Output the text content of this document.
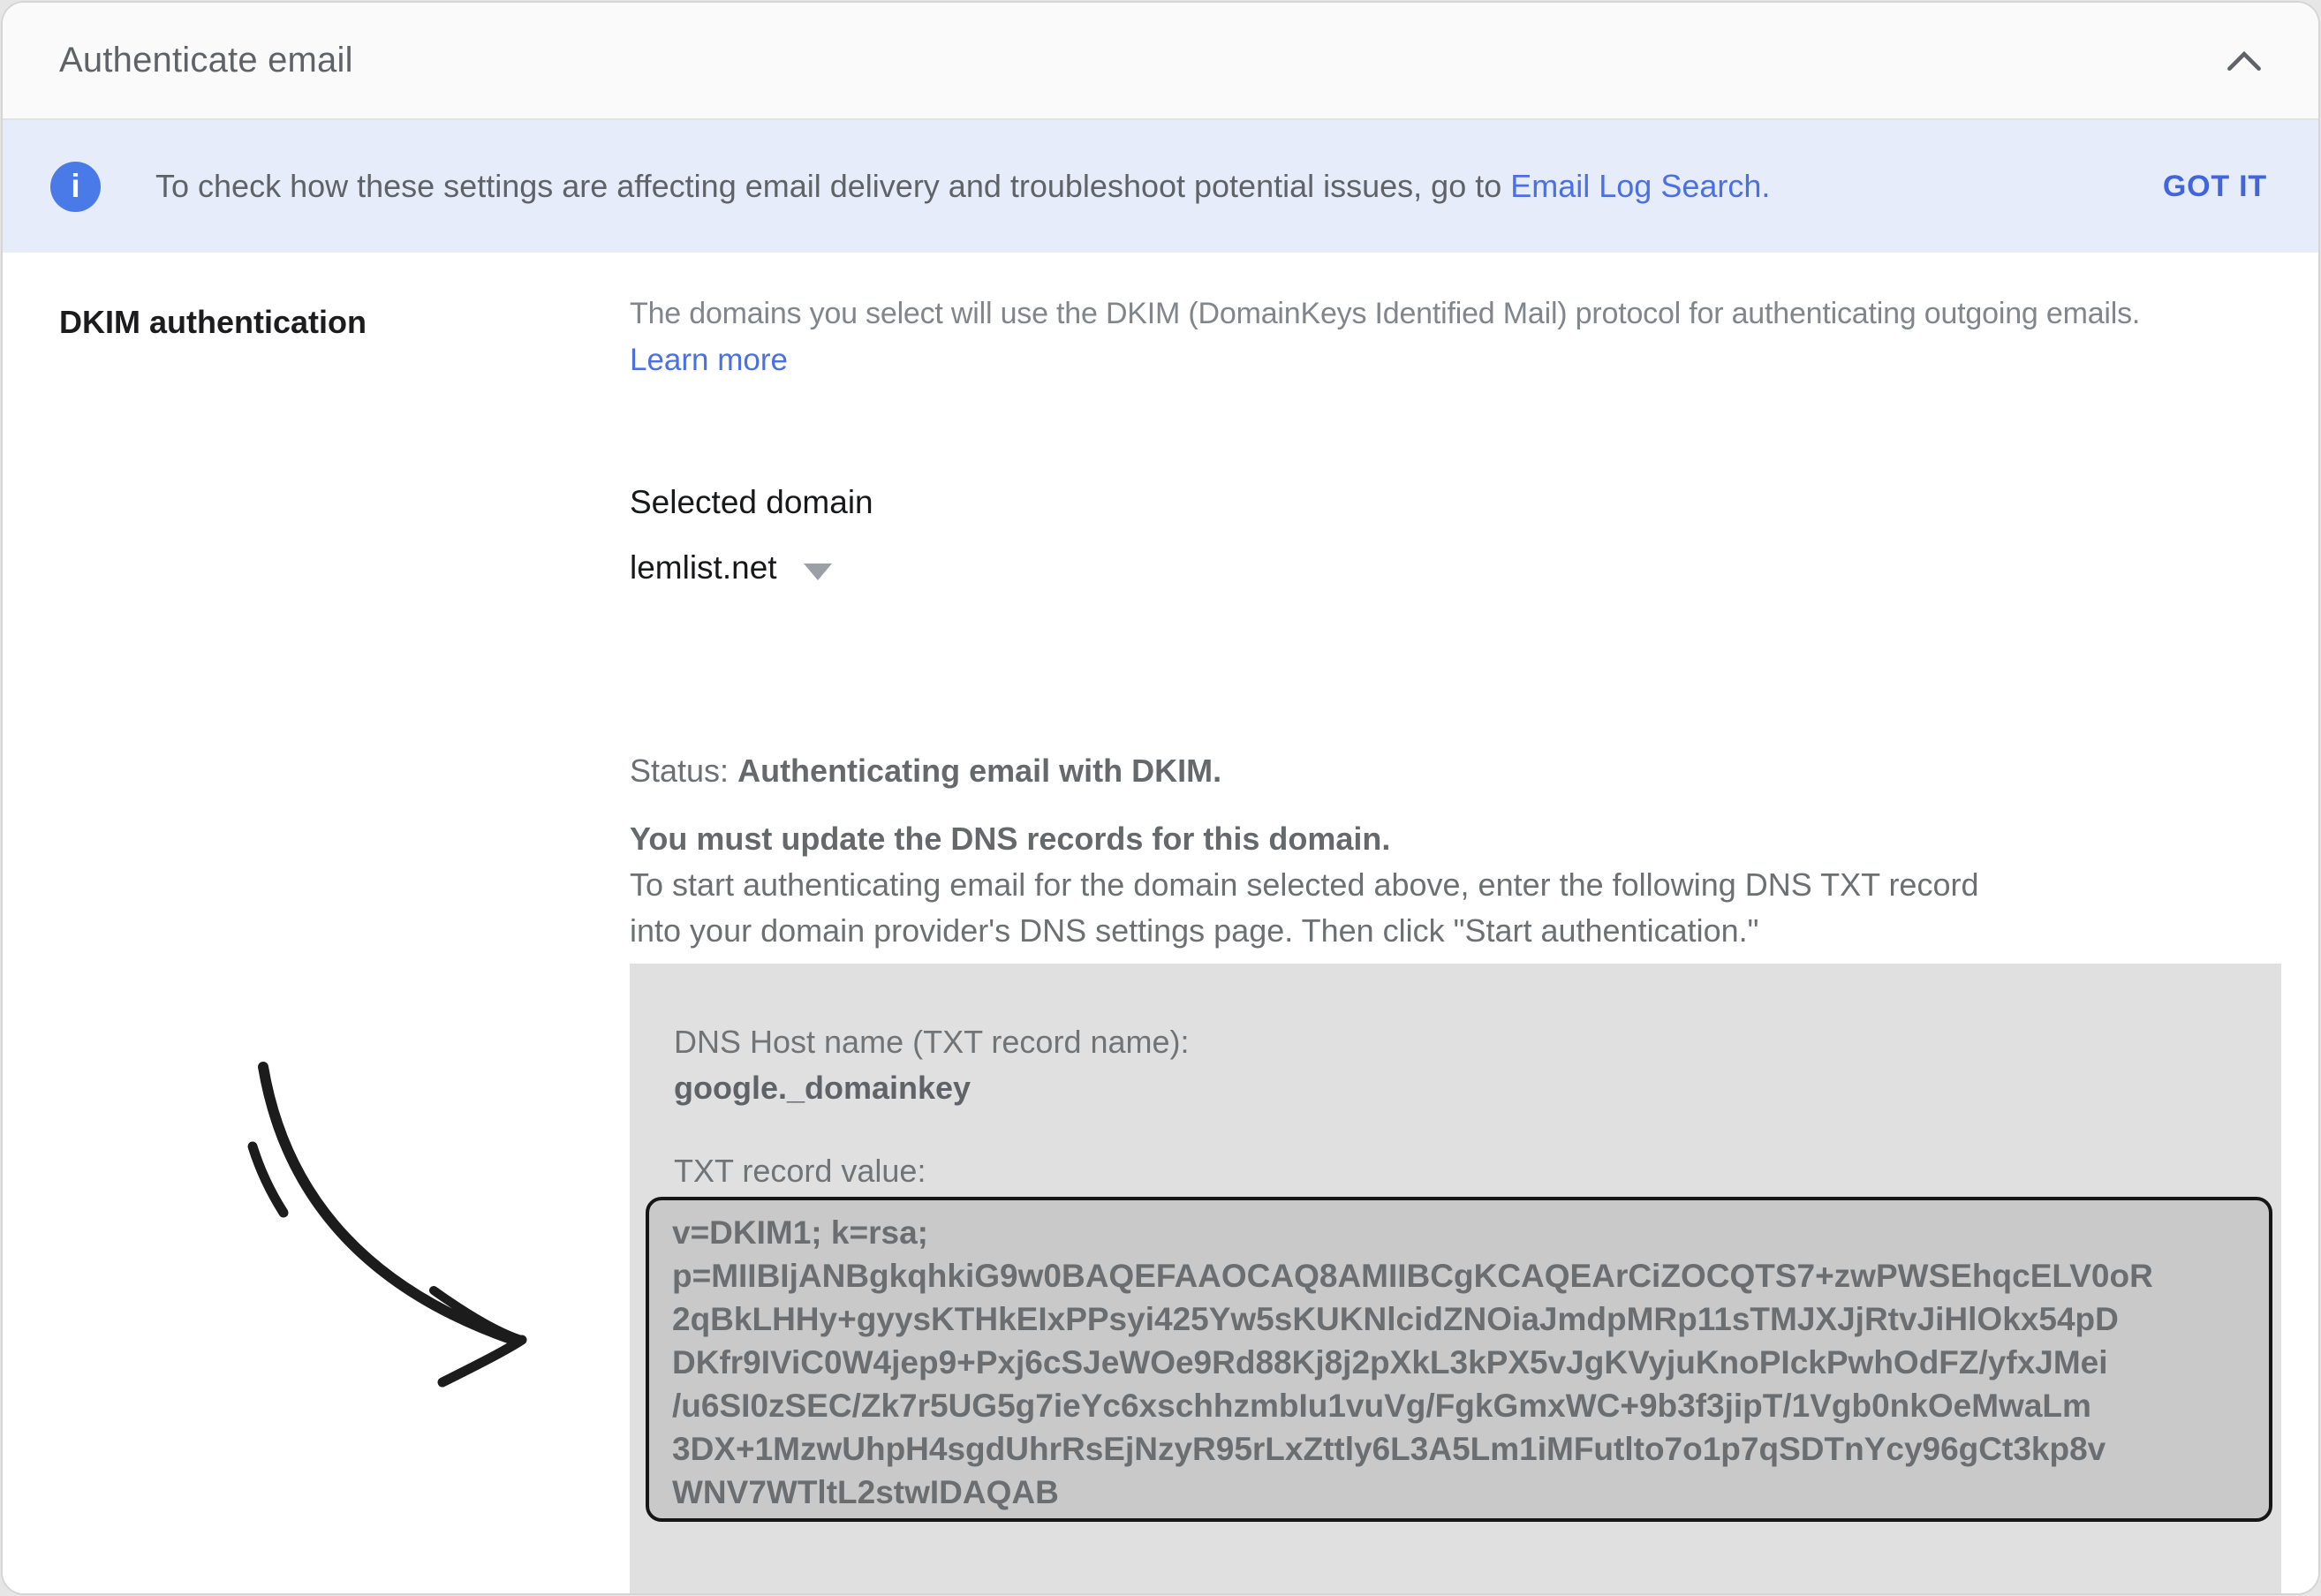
Authenticate email
i To check how these settings are affecting email delivery and troubleshoot potential issues, go to Email Log Search.	GOT IT
DKIM authentication	The domains you select will use the DKIM (DomainKeys Identified Mail) protocol for authenticating outgoing emails.
Learn more
Selected domain
lemlist.net
Status: Authenticating email with DKIM.
You must update the DNS records for this domain.
To start authenticating email for the domain selected above, enter the following DNS TXT record
into your domain provider's DNS settings page. Then click "Start authentication."
DNS Host name (TXT record name):
google._domainkey
TXT record value:
v=DKIM1; k=rsa;
p=MIIBIjANBgkqhkiG9w0BAQEFAAOCAQ8AMIIBCgKCAQEArCiZOCQTS7+zwPWSEhqcELV0oR
2qBkLHHy+gyysKTHkEIxPPsyi425Yw5sKUKNlcidZNOiaJmdpMRp11sTMJXJjRtvJiHlOkx54pD
DKfr9IViC0W4jep9+Pxj6cSJeWOe9Rd88Kj8j2pXkL3kPX5vJgKVyjuKnoPIckPwhOdFZ/yfxJMei
/u6SI0zSEC/Zk7r5UG5g7ieYc6xschhzmbIu1vuVg/FgkGmxWC+9b3f3jipT/1Vgb0nkOeMwaLm
3DX+1MzwUhpH4sgdUhrRsEjNzyR95rLxZttly6L3A5Lm1iMFutlto7o1p7qSDTnYcy96gCt3kp8v
WNV7WTltL2stwIDAQAB
